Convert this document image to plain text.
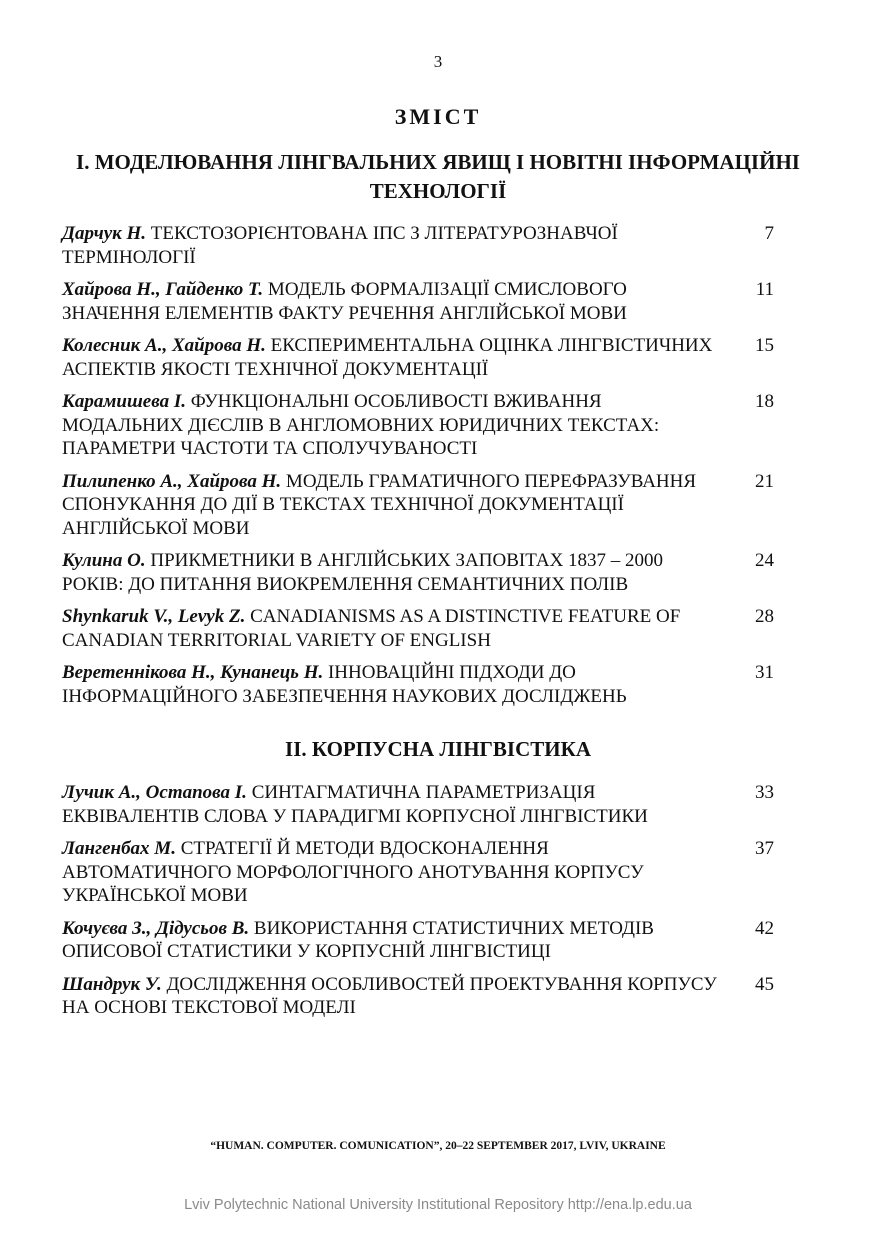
3
ЗМІСТ
І. МОДЕЛЮВАННЯ ЛІНГВАЛЬНИХ ЯВИЩ І НОВІТНІ ІНФОРМАЦІЙНІ ТЕХНОЛОГІЇ
Дарчук Н. ТЕКСТОЗОРІЄНТОВАНА ІПС З ЛІТЕРАТУРОЗНАВЧОЇ ТЕРМІНОЛОГІЇ
7
Хайрова Н., Гайденко Т. МОДЕЛЬ ФОРМАЛІЗАЦІЇ СМИСЛОВОГО ЗНАЧЕННЯ ЕЛЕМЕНТІВ ФАКТУ РЕЧЕННЯ АНГЛІЙСЬКОЇ МОВИ
11
Колесник А., Хайрова Н. ЕКСПЕРИМЕНТАЛЬНА ОЦІНКА ЛІНГВІСТИЧНИХ АСПЕКТІВ ЯКОСТІ ТЕХНІЧНОЇ ДОКУМЕНТАЦІЇ
15
Карамишева І. ФУНКЦІОНАЛЬНІ ОСОБЛИВОСТІ ВЖИВАННЯ МОДАЛЬНИХ ДІЄСЛІВ В АНГЛОМОВНИХ ЮРИДИЧНИХ ТЕКСТАХ: ПАРАМЕТРИ ЧАСТОТИ ТА СПОЛУЧУВАНОСТІ
18
Пилипенко А., Хайрова Н. МОДЕЛЬ ГРАМАТИЧНОГО ПЕРЕФРАЗУВАННЯ СПОНУКАННЯ ДО ДІЇ В ТЕКСТАХ ТЕХНІЧНОЇ ДОКУМЕНТАЦІЇ АНГЛІЙСЬКОЇ МОВИ
21
Кулина О. ПРИКМЕТНИКИ В АНГЛІЙСЬКИХ ЗАПОВІТАХ 1837 – 2000 РОКІВ: ДО ПИТАННЯ ВИОКРЕМЛЕННЯ СЕМАНТИЧНИХ ПОЛІВ
24
Shynkaruk V., Levyk Z. CANADIANISMS AS A DISTINCTIVE FEATURE OF CANADIAN TERRITORIAL VARIETY OF ENGLISH
28
Веретеннікова Н., Кунанець Н. ІННОВАЦІЙНІ ПІДХОДИ ДО ІНФОРМАЦІЙНОГО ЗАБЕЗПЕЧЕННЯ НАУКОВИХ ДОСЛІДЖЕНЬ
31
ІІ. КОРПУСНА ЛІНГВІСТИКА
Лучик А., Остапова І. СИНТАГМАТИЧНА ПАРАМЕТРИЗАЦІЯ ЕКВІВАЛЕНТІВ СЛОВА У ПАРАДИГМІ КОРПУСНОЇ ЛІНГВІСТИКИ
33
Лангенбах М. СТРАТЕГІЇ Й МЕТОДИ ВДОСКОНАЛЕННЯ АВТОМАТИЧНОГО МОРФОЛОГІЧНОГО АНОТУВАННЯ КОРПУСУ УКРАЇНСЬКОЇ МОВИ
37
Кочуєва З., Дідусьов В. ВИКОРИСТАННЯ СТАТИСТИЧНИХ МЕТОДІВ ОПИСОВОЇ СТАТИСТИКИ У КОРПУСНІЙ ЛІНГВІСТИЦІ
42
Шандрук У. ДОСЛІДЖЕННЯ ОСОБЛИВОСТЕЙ ПРОЕКТУВАННЯ КОРПУСУ НА ОСНОВІ ТЕКСТОВОЇ МОДЕЛІ
45
“HUMAN. COMPUTER. COMUNICATION”, 20–22 SEPTEMBER 2017, LVIV, UKRAINE
Lviv Polytechnic National University Institutional Repository http://ena.lp.edu.ua
